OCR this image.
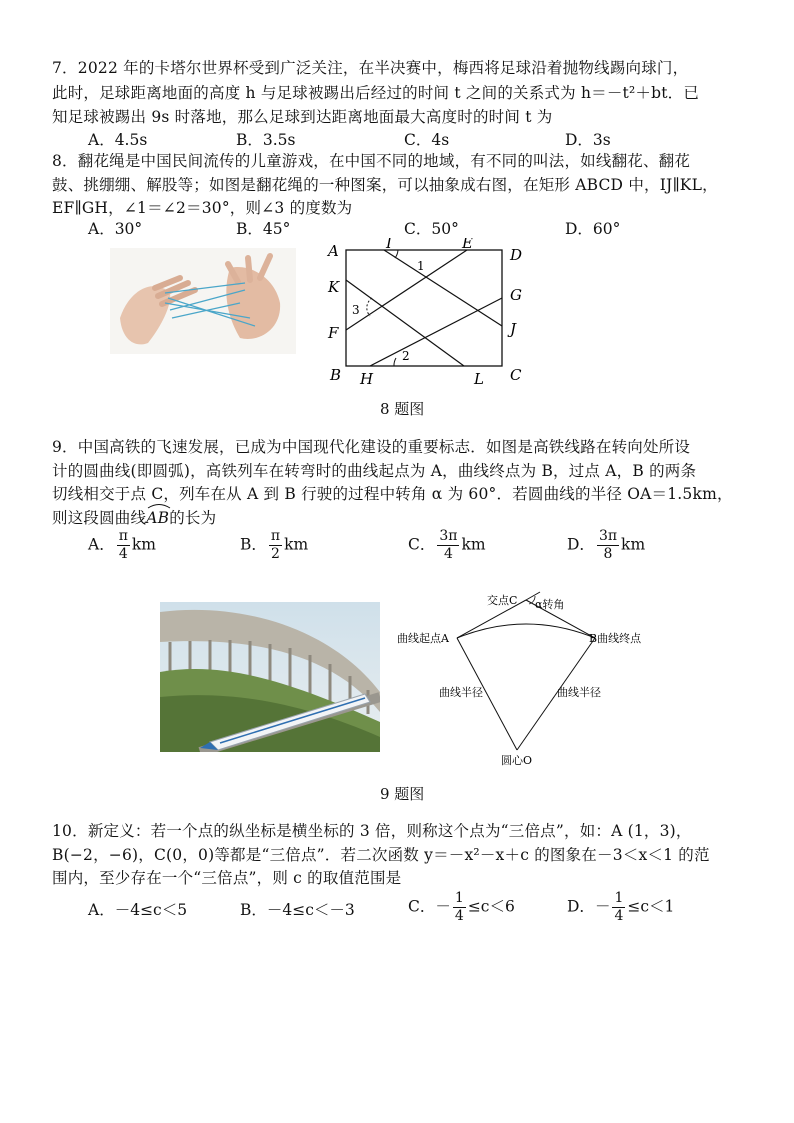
7．2022 年的卡塔尔世界杯受到广泛关注，在半决赛中，梅西将足球沿着抛物线踢向球门，
此时，足球距离地面的高度 h 与足球被踢出后经过的时间 t 之间的关系式为 h＝－t²＋bt．已
知足球被踢出 9s 时落地，那么足球到达距离地面最大高度时的时间 t 为
A．4.5s	B．3.5s	C．4s	D．3s
8．翻花绳是中国民间流传的儿童游戏，在中国不同的地域，有不同的叫法，如线翻花、翻花
鼓、挑绷绷、解股等；如图是翻花绳的一种图案，可以抽象成右图，在矩形 ABCD 中，IJ∥KL，
EF∥GH，∠1＝∠2＝30°，则∠3 的度数为
A．30°	B．45°	C．50°	D．60°
A
B	C
D
E
F
G
H
I
J
K
L
1
2
3
8 题图
9．中国高铁的飞速发展，已成为中国现代化建设的重要标志．如图是高铁线路在转向处所设
计的圆曲线(即圆弧)，高铁列车在转弯时的曲线起点为 A，曲线终点为 B，过点 A，B 的两条
切线相交于点 C，列车在从 A 到 B 行驶的过程中转角 α 为 60°．若圆曲线的半径 OA＝1.5km，
则这段圆曲线
AB的长为
A． $\frac{\pi}{4}$ km	B． $\frac{\pi}{2}$ km	C． $\frac{3\pi}{4}$ km	D． $\frac{3\pi}{8}$ km
交点C α转角
曲线起点A	B曲线终点
曲线半径	曲线半径
圆心O
9 题图
10．新定义：若一个点的纵坐标是横坐标的 3 倍，则称这个点为“三倍点”，如：A (1，3)，
B(−2，−6)，C(0，0)等都是“三倍点”．若二次函数 y＝－x²－x＋c 的图象在－3＜x＜1 的范
围内，至少存在一个“三倍点”，则 c 的取值范围是
A．－4≤c＜5	B．－4≤c＜－3	C．－ $\frac{1}{4} \le c<6$	D．－ $\frac{1}{4} \le c<1$
